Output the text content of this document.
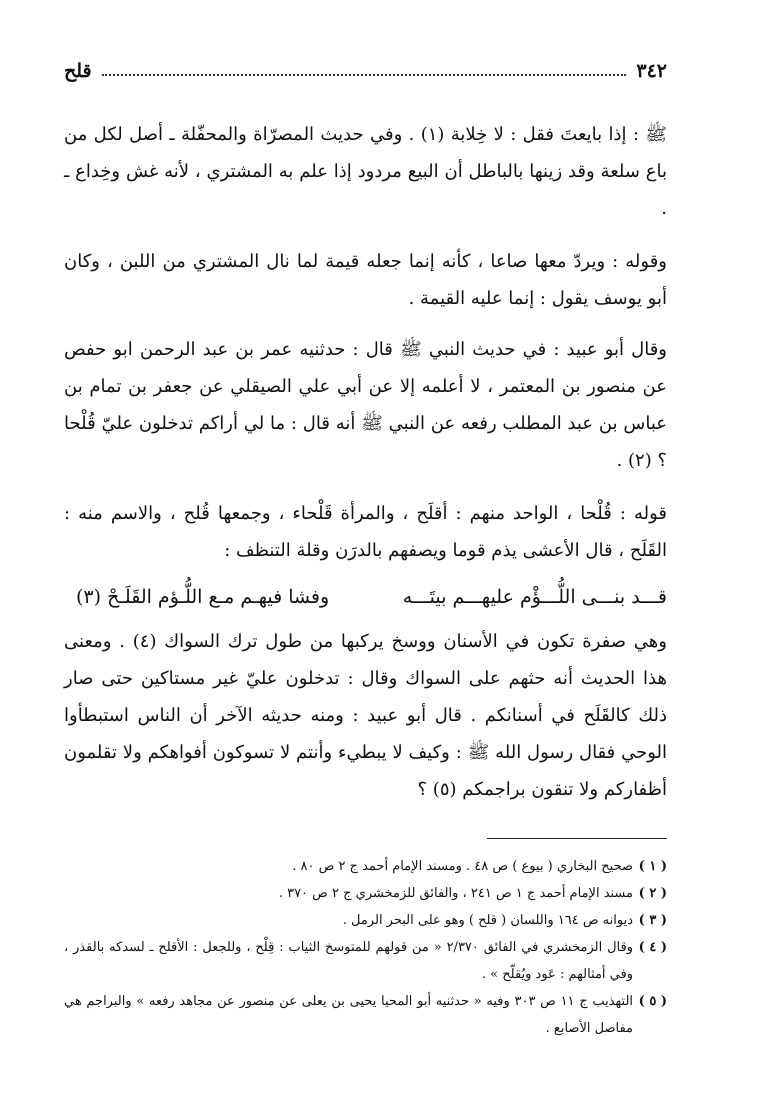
٣٤٢
قلح

ﷺ : إذا بايعتَ فقل : لا خِلابة (١) . وفي حديث المصرّاة والمحفّلة ـ أصل لكل من باع سلعة وقد زينها بالباطل أن البيع مردود إذا علم به المشتري ، لأنه غش وخِداع ـ .

وقوله : ويردّ معها صاعا ، كأنه إنما جعله قيمة لما نال المشتري من اللبن ، وكان أبو يوسف يقول : إنما عليه القيمة .

وقال أبو عبيد : في حديث النبي ﷺ قال : حدثنيه عمر بن عبد الرحمن ابو حفص عن منصور بن المعتمر ، لا أعلمه إلا عن أبي علي الصيقلي عن جعفر بن تمام بن عباس بن عبد المطلب رفعه عن النبي ﷺ أنه قال : ما لي أراكم تدخلون عليّ قُلْحا ؟ (٢) .

قوله : قُلْحا ، الواحد منهم : أقلَح ، والمرأة قَلْحاء ، وجمعها قُلح ، والاسم منه : القَلَح ، قال الأعشى يذم قوما ويصفهم بالدرَن وقلة التنظف :

قـــد بنـــى اللُّـــؤْم عليهـــم بيتَـــه
وفشا فيهـم مـع اللُّـؤم القَلَـحْ (٣)

وهي صفرة تكون في الأسنان ووسخ يركبها من طول ترك السواك (٤) . ومعنى هذا الحديث أنه حثهم على السواك وقال : تدخلون عليّ غير مستاكين حتى صار ذلك كالقَلَح في أسنانكم . قال أبو عبيد : ومنه حديثه الآخر أن الناس استبطأوا الوحي فقال رسول الله ﷺ : وكيف لا يبطيء وأنتم لا تسوكون أفواهكم ولا تقلمون أظفاركم ولا تنقون براجمكم (٥) ؟

( ١ )
صحيح البخاري ( بيوع ) ص ٤٨ . ومسند الإمام أحمد ج ٢ ص ٨٠ .
( ٢ )
مسند الإمام أحمد ج ١ ص ٢٤١ ، والفائق للزمخشري ج ٢ ص ٣٧٠ .
( ٣ )
ديوانه ص ١٦٤ واللسان ( قلح ) وهو على البحر الرمل .
( ٤ )
وقال الزمخشري في الفائق ٢/٣٧٠ « من قولهم للمتوسخ الثياب : قِلْح ، وللجعل : الأقلح ـ لسدكه بالقذر ، وفي أمثالهم : عَود ويُقلّح » .
( ٥ )
التهذيب ج ١١ ص ٣٠٣ وفيه « حدثنيه أبو المحيا يحيى بن يعلى عن منصور عن مجاهد رفعه » والبراجم هي مفاصل الأصابع .
